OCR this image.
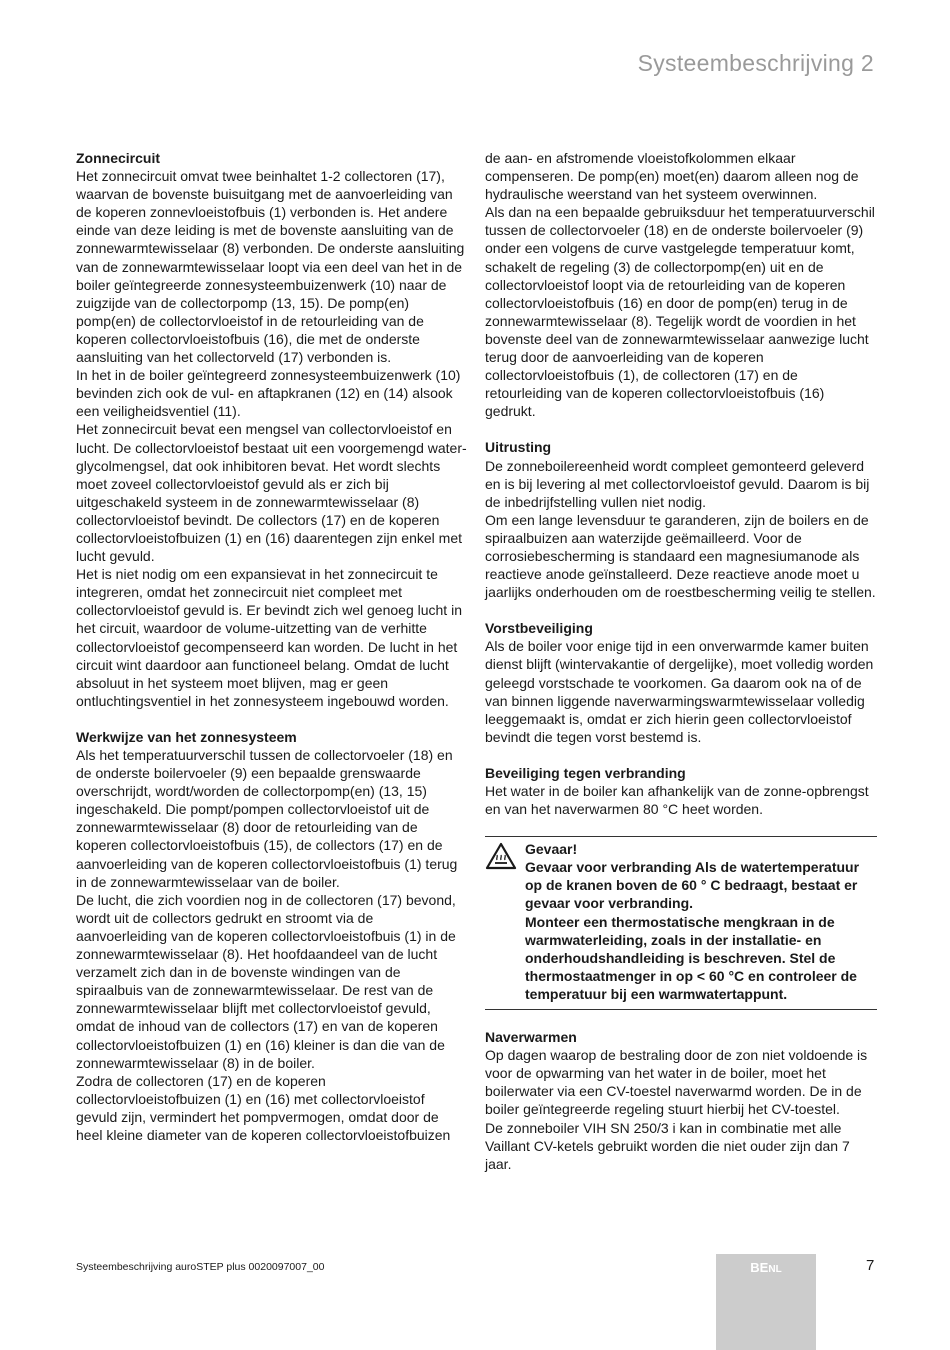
Systeembeschrijving 2
Zonnecircuit

Het zonnecircuit omvat twee beinhaltet 1-2 collectoren (17), waarvan de bovenste buisuitgang met de aanvoerleiding van de koperen zonnevloeistofbuis (1) verbonden is. Het andere einde van deze leiding is met de bovenste aansluiting van de zonnewarmtewisselaar (8) verbonden. De onderste aansluiting van de zonnewarmtewisselaar loopt via een deel van het in de boiler geïntegreerde zonnesysteembuizenwerk (10) naar de zuigzijde van de collectorpomp (13, 15). De pomp(en) pomp(en) de collectorvloeistof in de retourleiding van de koperen collectorvloeistofbuis (16), die met de onderste aansluiting van het collectorveld (17) verbonden is.

In het in de boiler geïntegreerd zonnesysteembuizenwerk (10) bevinden zich ook de vul- en aftapkranen (12) en (14) alsook een veiligheidsventiel (11).

Het zonnecircuit bevat een mengsel van collectorvloeistof en lucht. De collectorvloeistof bestaat uit een voorgemengd water-glycolmengsel, dat ook inhibitoren bevat. Het wordt slechts moet zoveel collectorvloeistof gevuld als er zich bij uitgeschakeld systeem in de zonnewarmtewisselaar (8) collectorvloeistof bevindt. De collectors (17) en de koperen collectorvloeistofbuizen (1) en (16) daarentegen zijn enkel met lucht gevuld.

Het is niet nodig om een expansievat in het zonnecircuit te integreren, omdat het zonnecircuit niet compleet met collectorvloeistof gevuld is. Er bevindt zich wel genoeg lucht in het circuit, waardoor de volume-uitzetting van de verhitte collectorvloeistof gecompenseerd kan worden. De lucht in het circuit wint daardoor aan functioneel belang. Omdat de lucht absoluut in het systeem moet blijven, mag er geen ontluchtingsventiel in het zonnesysteem ingebouwd worden.

Werkwijze van het zonnesysteem

Als het temperatuurverschil tussen de collectorvoeler (18) en de onderste boilervoeler (9) een bepaalde grenswaarde overschrijdt, wordt/worden de collectorpomp(en) (13, 15) ingeschakeld. Die pompt/pompen collectorvloeistof uit de zonnewarmtewisselaar (8) door de retourleiding van de koperen collectorvloeistofbuis (15), de collectors (17) en de aanvoerleiding van de koperen collectorvloeistofbuis (1) terug in de zonnewarmtewisselaar van de boiler.

De lucht, die zich voordien nog in de collectoren (17) bevond, wordt uit de collectors gedrukt en stroomt via de aanvoerleiding van de koperen collectorvloeistofbuis (1) in de zonnewarmtewisselaar (8). Het hoofdaandeel van de lucht verzamelt zich dan in de bovenste windingen van de spiraalbuis van de zonnewarmtewisselaar. De rest van de zonnewarmtewisselaar blijft met collectorvloeistof gevuld, omdat de inhoud van de collectors (17) en van de koperen collectorvloeistofbuizen (1) en (16) kleiner is dan die van de zonnewarmtewisselaar (8) in de boiler.

Zodra de collectoren (17) en de koperen collectorvloeistofbuizen (1) en (16) met collectorvloeistof gevuld zijn, vermindert het pompvermogen, omdat door de heel kleine diameter van de koperen collectorvloeistofbuizen

de aan- en afstromende vloeistofkolommen elkaar compenseren. De pomp(en) moet(en) daarom alleen nog de hydraulische weerstand van het systeem overwinnen.

Als dan na een bepaalde gebruiksduur het temperatuurverschil tussen de collectorvoeler (18) en de onderste boilervoeler (9) onder een volgens de curve vastgelegde temperatuur komt, schakelt de regeling (3) de collectorpomp(en) uit en de collectorvloeistof loopt via de retourleiding van de koperen collectorvloeistofbuis (16) en door de pomp(en) terug in de zonnewarmtewisselaar (8). Tegelijk wordt de voordien in het bovenste deel van de zonnewarmtewisselaar aanwezige lucht terug door de aanvoerleiding van de koperen collectorvloeistofbuis (1), de collectoren (17) en de retourleiding van de koperen collectorvloeistofbuis (16) gedrukt.

Uitrusting

De zonneboilereenheid wordt compleet gemonteerd geleverd en is bij levering al met collectorvloeistof gevuld. Daarom is bij de inbedrijfstelling vullen niet nodig.

Om een lange levensduur te garanderen, zijn de boilers en de spiraalbuizen aan waterzijde geëmailleerd. Voor de corrosiebescherming is standaard een magnesiumanode als reactieve anode geïnstalleerd. Deze reactieve anode moet u jaarlijks onderhouden om de roestbescherming veilig te stellen.

Vorstbeveiliging

Als de boiler voor enige tijd in een onverwarmde kamer buiten dienst blijft (wintervakantie of dergelijke), moet volledig worden geleegd vorstschade te voorkomen. Ga daarom ook na of de van binnen liggende naverwarmingswarmtewisselaar volledig leeggemaakt is, omdat er zich hierin geen collectorvloeistof bevindt die tegen vorst bestemd is.

Beveiliging tegen verbranding

Het water in de boiler kan afhankelijk van de zonne-opbrengst en van het naverwarmen 80 °C heet worden.

Gevaar!

Gevaar voor verbranding Als de watertemperatuur op de kranen boven de 60 ° C bedraagt, bestaat er gevaar voor verbranding.

Monteer een thermostatische mengkraan in de warmwaterleiding, zoals in der installatie- en onderhoudshandleiding is beschreven. Stel de thermostaatmenger in op < 60 °C en controleer de temperatuur bij een warmwatertappunt.

Naverwarmen

Op dagen waarop de bestraling door de zon niet voldoende is voor de opwarming van het water in de boiler, moet het boilerwater via een CV-toestel naverwarmd worden. De in de boiler geïntegreerde regeling stuurt hierbij het CV-toestel.

De zonneboiler VIH SN 250/3 i kan in combinatie met alle Vaillant CV-ketels gebruikt worden die niet ouder zijn dan 7 jaar.

Systeembeschrijving auroSTEP plus 0020097007_00	BENL	7
